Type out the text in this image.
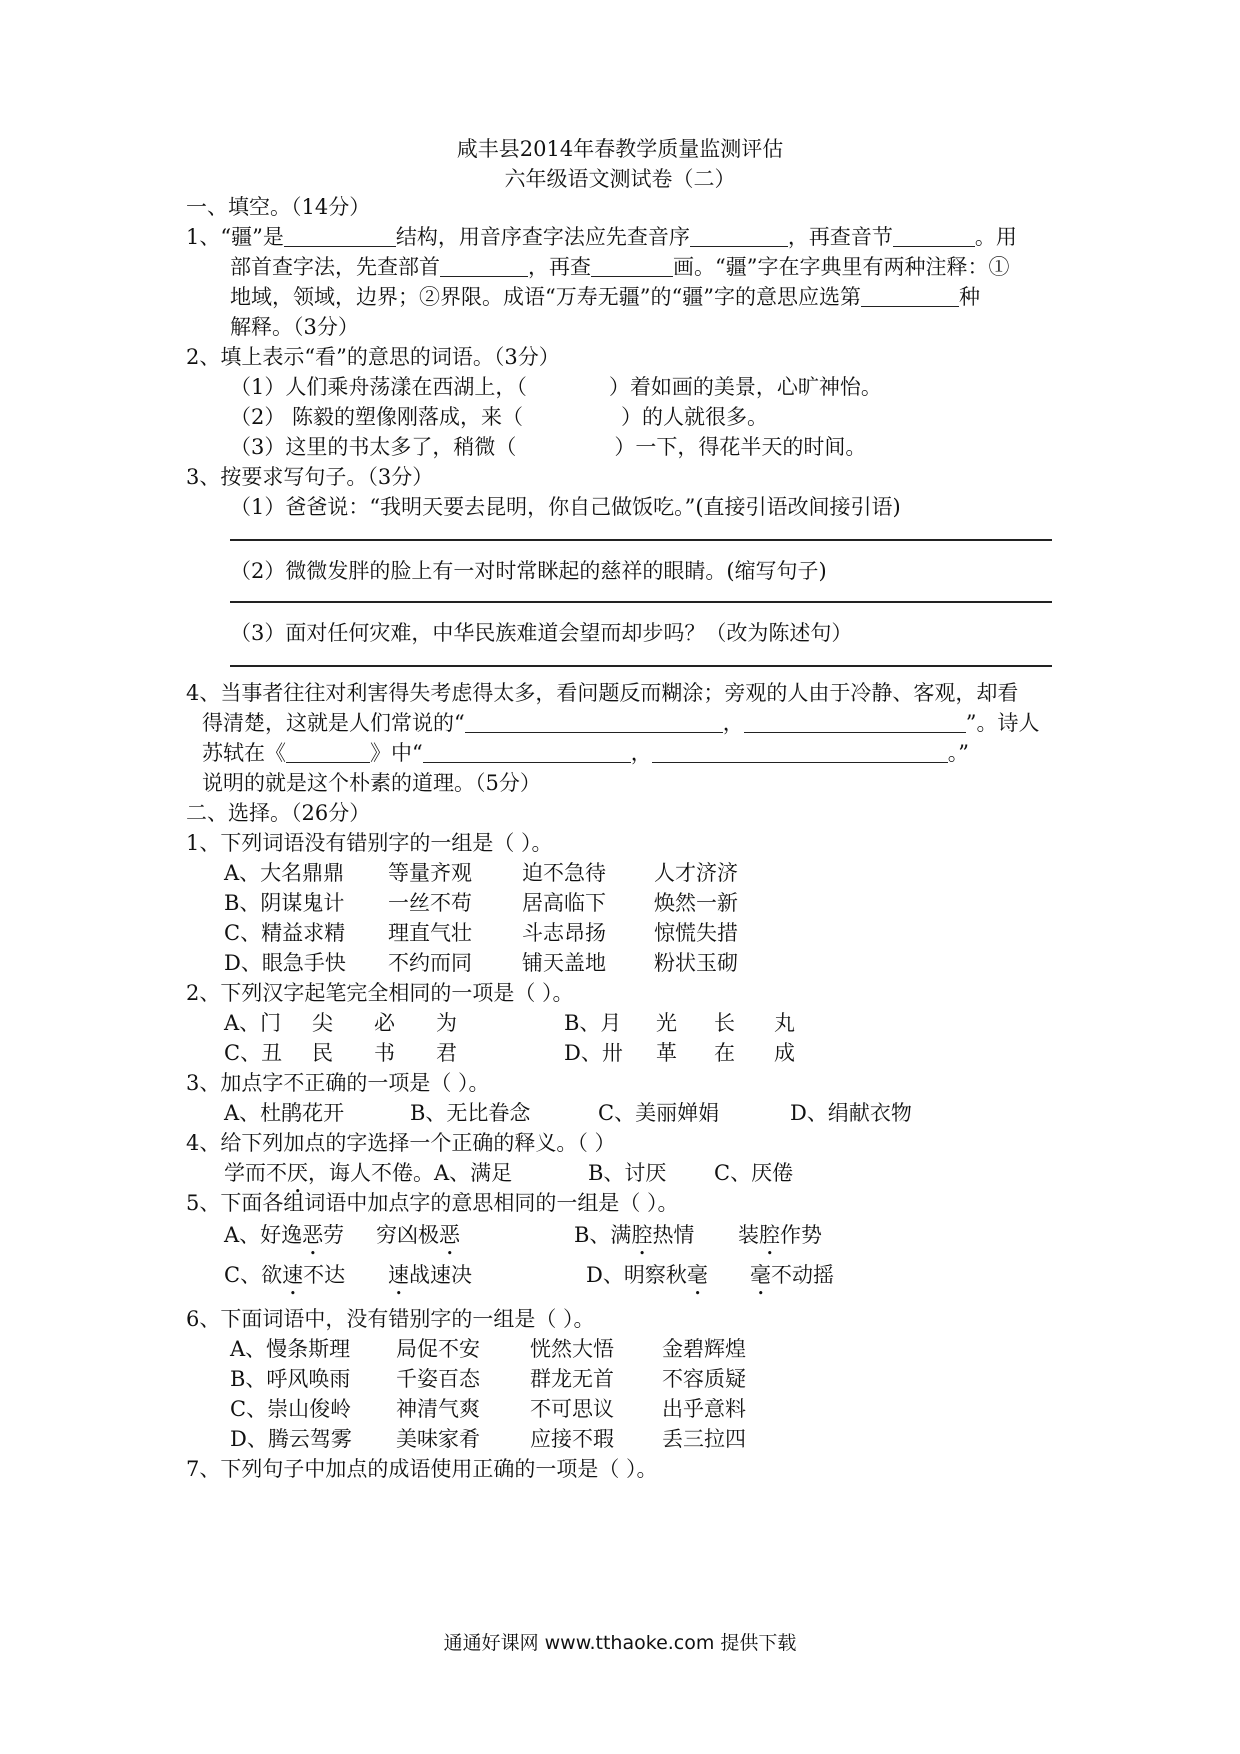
咸丰县2014年春教学质量监测评估
六年级语文测试卷（二）
一、填空。（14分）
1、“疆”是	结构，用音序查字法应先查音序	，再查音节	。用
部首查字法，先查部首	，再查	画。“疆”字在字典里有两种注释：①
地域，领域，边界；②界限。成语“万寿无疆”的“疆”字的意思应选第	种
解释。（3分）
2、填上表示“看”的意思的词语。（3分）
（1）人们乘舟荡漾在西湖上，（	）着如画的美景，心旷神怡。
（2） 陈毅的塑像刚落成，来（	）的人就很多。
（3）这里的书太多了，稍微（	）一下，得花半天的时间。
3、按要求写句子。（3分）
（1）爸爸说：“我明天要去昆明，你自己做饭吃。”(直接引语改间接引语)
（2）微微发胖的脸上有一对时常眯起的慈祥的眼睛。(缩写句子)
（3）面对任何灾难，中华民族难道会望而却步吗？（改为陈述句）
4、当事者往往对利害得失考虑得太多，看问题反而糊涂；旁观的人由于冷静、客观，却看
得清楚，这就是人们常说的“	，	”。诗人
苏轼在《	》中“	，	。”
说明的就是这个朴素的道理。（5分）
二、选择。（26分）
1、下列词语没有错别字的一组是（ ）。
A、大名鼎鼎 等量齐观 迫不急待 人才济济
B、阴谋鬼计 一丝不苟 居高临下 焕然一新
C、精益求精 理直气壮 斗志昂扬 惊慌失措
D、眼急手快 不约而同 铺天盖地 粉状玉砌
2、下列汉字起笔完全相同的一项是（ ）。
A、门 尖 必 为	B、月 光 长 丸
C、丑 民 书 君	D、卅 革 在 成
3、加点字不正确的一项是（ ）。
A、杜鹃花开	B、无比眷念	C、美丽婵娟	D、绢献衣物
4、给下列加点的字选择一个正确的释义。（ ）
学而不厌，诲人不倦。A、满足	B、讨厌 C、厌倦
5、下面各组词语中加点字的意思相同的一组是（ ）。
A、好逸恶劳 穷凶极恶	B、满腔热情 装腔作势
C、欲速不达 速战速决	D、明察秋毫 毫不动摇
6、下面词语中，没有错别字的一组是（ ）。
A、慢条斯理 局促不安 恍然大悟 金碧辉煌
B、呼风唤雨 千姿百态 群龙无首 不容质疑
C、崇山俊岭 神清气爽 不可思议 出乎意料
D、腾云驾雾 美味家肴 应接不瑕 丢三拉四
7、下列句子中加点的成语使用正确的一项是（ ）。
通通好课网 www.tthaoke.com 提供下载
